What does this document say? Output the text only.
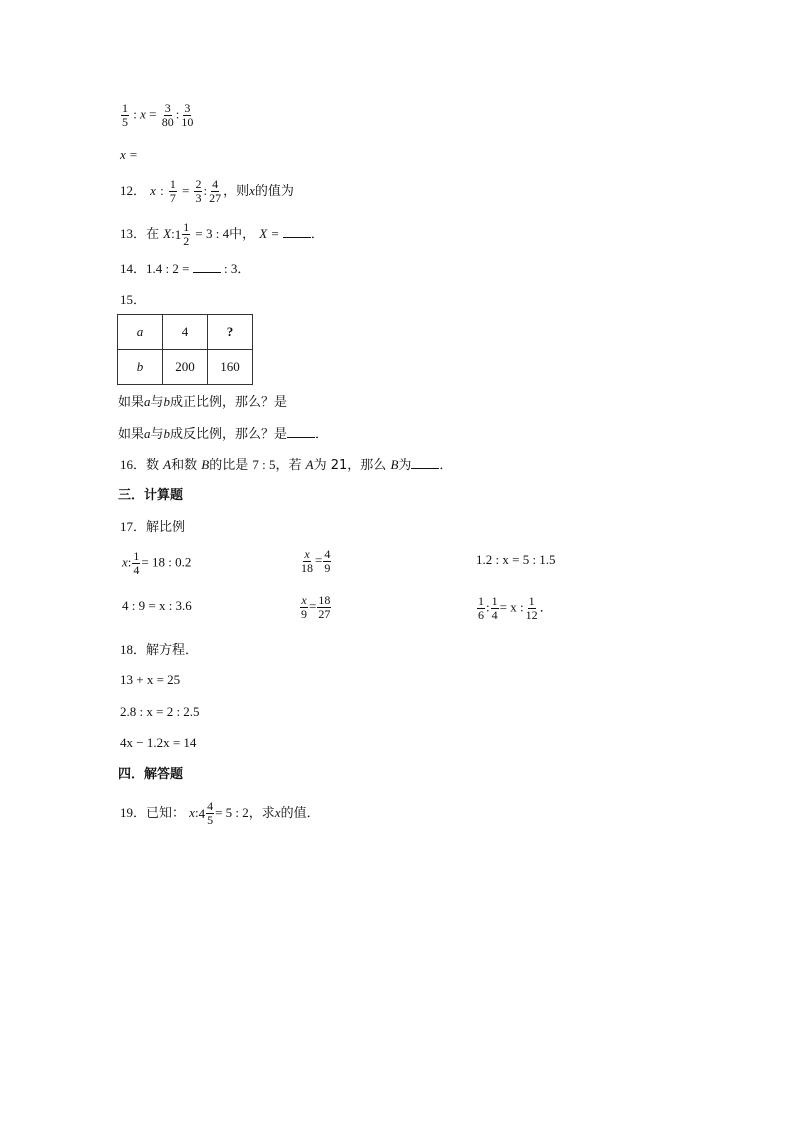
$\frac{1}{5}$ : $x = \frac{3}{80}$ : $\frac{3}{10}$
x =
12． x : $\frac{1}{7} = \frac{2}{3}$ : $\frac{4}{27}$ ，则x的值为
13．在 X: $1 \frac{1}{2} = 3$ : 4中， X = ．
14．1.4 : 2 =	: 3．
15．
a	4	?
b	200	160
如果a与b成正比例，那么？是
如果a与b成反比例，那么？是 ．
16．数 A和数 B的比是 7 : 5，若 A为 21，那么 B为 ．
三．计算题
17．解比例
x: $\frac{1}{4} = 18$ : 0.2	$\frac{x}{18} = \frac{4}{9}$	1.2 : x = 5 : 1.5
4 : 9 = x : 3.6	$\frac{x}{9} = \frac{18}{27}$	$\frac{1}{6}$ : $\frac{1}{4} = x$ : $\frac{1}{12}$ ．
18．解方程．
13 + x = 25
2.8 : x = 2 : 2.5
4x − 1.2x = 14
四．解答题
19．已知： x: $4 \frac{4}{5} = 5$ : 2，求x的值．
